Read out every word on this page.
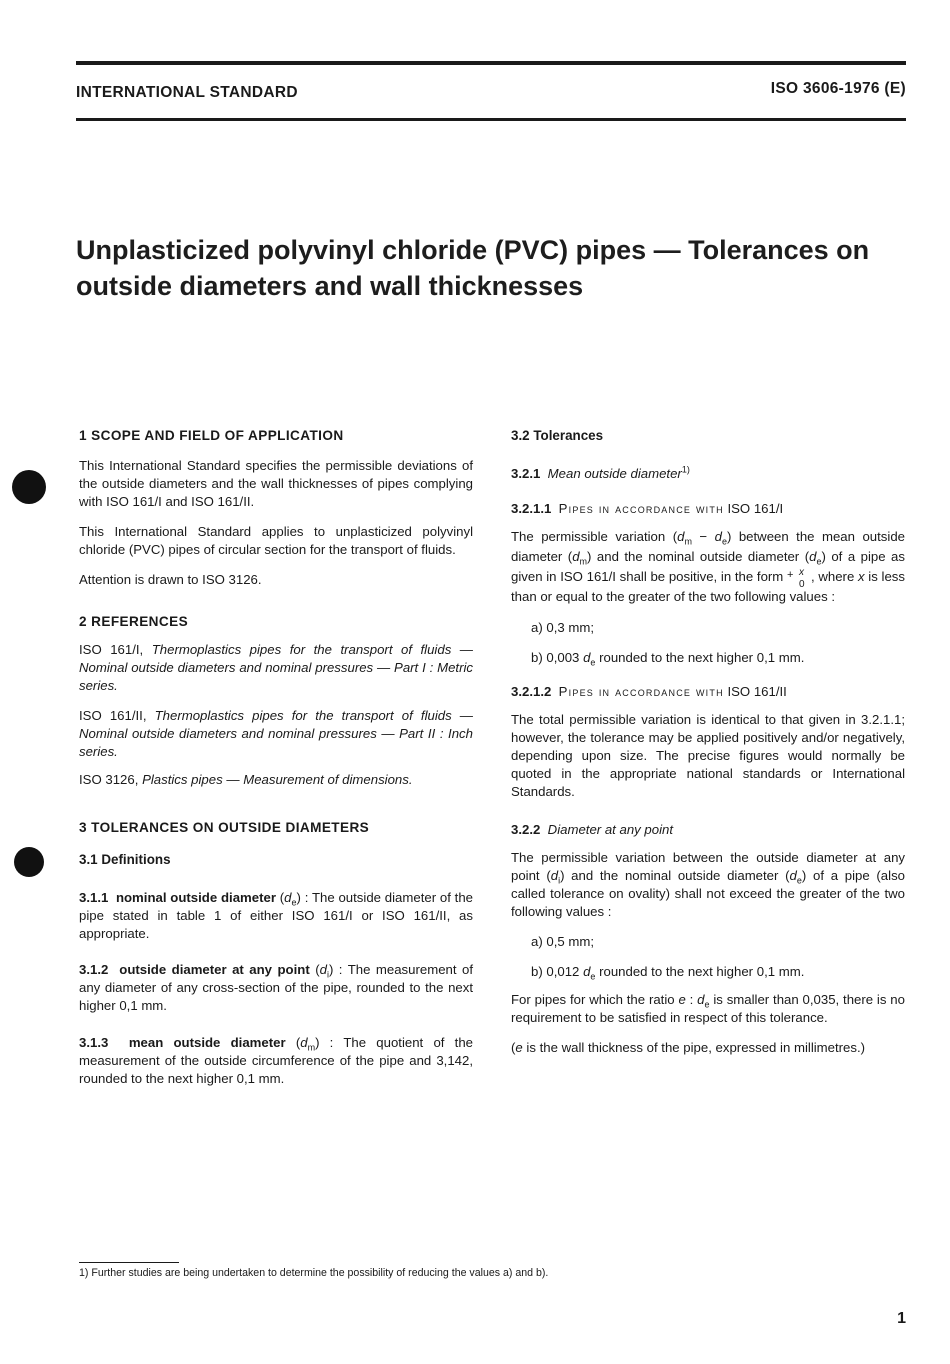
INTERNATIONAL STANDARD	ISO 3606-1976 (E)
Unplasticized polyvinyl chloride (PVC) pipes — Tolerances on
outside diameters and wall thicknesses
1 SCOPE AND FIELD OF APPLICATION

This International Standard specifies the permissible deviations of the outside diameters and the wall thicknesses of pipes complying with ISO 161/I and ISO 161/II.

This International Standard applies to unplasticized polyvinyl chloride (PVC) pipes of circular section for the transport of fluids.

Attention is drawn to ISO 3126.

2 REFERENCES

ISO 161/I, Thermoplastics pipes for the transport of fluids — Nominal outside diameters and nominal pressures — Part I : Metric series.

ISO 161/II, Thermoplastics pipes for the transport of fluids — Nominal outside diameters and nominal pressures — Part II : Inch series.

ISO 3126, Plastics pipes — Measurement of dimensions.

3 TOLERANCES ON OUTSIDE DIAMETERS
3.1 Definitions

3.1.1 nominal outside diameter $(d_e)$ : The outside diameter of the pipe stated in table 1 of either ISO 161/I or ISO 161/II, as appropriate.

3.1.2 outside diameter at any point $(d_i)$ : The measurement of any diameter of any cross-section of the pipe, rounded to the next higher 0,1 mm.

3.1.3 mean outside diameter $(d_m)$ : The quotient of the measurement of the outside circumference of the pipe and 3,142, rounded to the next higher 0,1 mm.

3.2 Tolerances
3.2.1 Mean outside diameter$^{1)}$
3.2.1.1 Pipes in accordance with ISO 161/I

The permissible variation $(d_m - d_e)$ between the mean outside diameter $(d_m)$ and the nominal outside diameter $(d_e)$ of a pipe as given in ISO 161/I shall be positive, in the form + x
0
, where x is less than or equal to the greater of the two following values :

a) 0,3 mm;
b) 0,003 $d_e$ rounded to the next higher 0,1 mm.
3.2.1.2 Pipes in accordance with ISO 161/II

The total permissible variation is identical to that given in 3.2.1.1; however, the tolerance may be applied positively and/or negatively, depending upon size. The precise figures would normally be quoted in the appropriate national standards or International Standards.

3.2.2 Diameter at any point

The permissible variation between the outside diameter at any point $(d_i)$ and the nominal outside diameter $(d_e)$ of a pipe (also called tolerance on ovality) shall not exceed the greater of the two following values :

a) 0,5 mm;
b) 0,012 $d_e$ rounded to the next higher 0,1 mm.

For pipes for which the ratio e : $d_e$ is smaller than 0,035, there is no requirement to be satisfied in respect of this tolerance.

(e is the wall thickness of the pipe, expressed in millimetres.)

1) Further studies are being undertaken to determine the possibility of reducing the values a) and b).
1
